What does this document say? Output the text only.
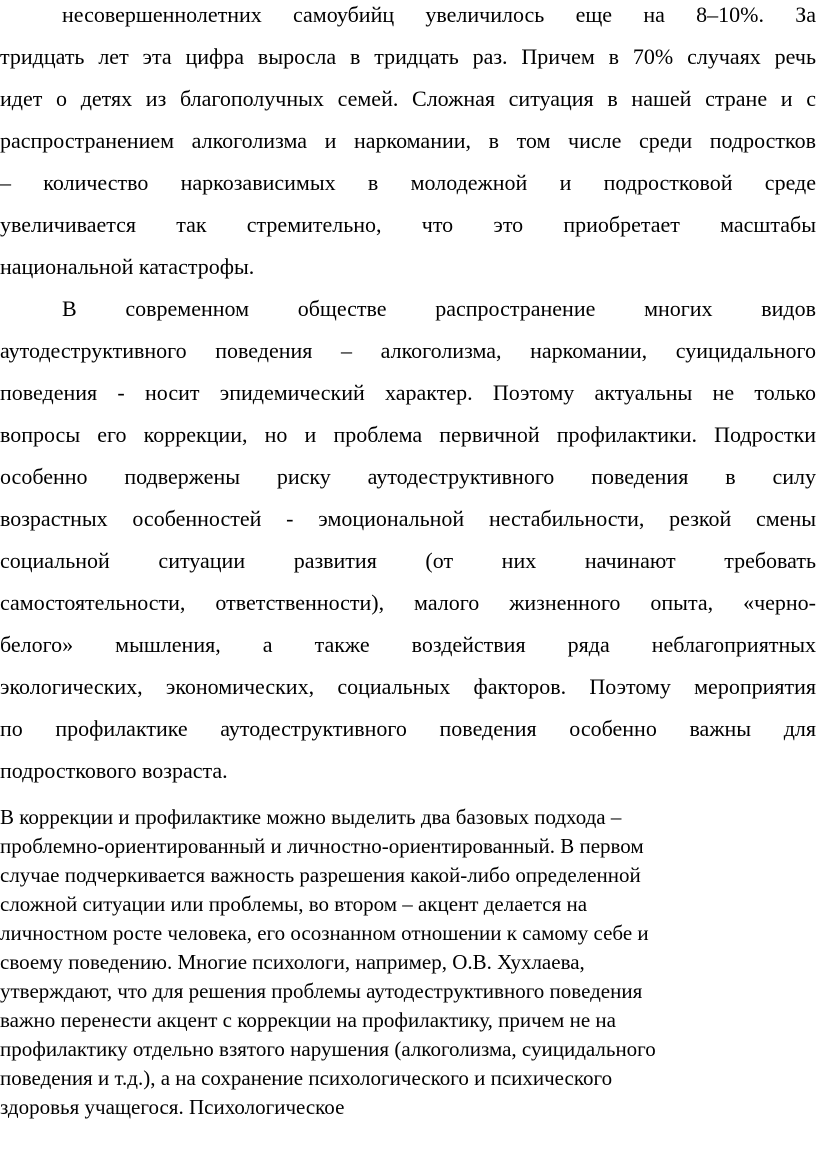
несовершеннолетних самоубийц увеличилось еще на 8–10%. За

тридцать лет эта цифра выросла в тридцать раз. Причем в 70% случаях речь

идет о детях из благополучных семей. Сложная ситуация в нашей стране и с

распространением алкоголизма и наркомании, в том числе среди подростков

– количество наркозависимых в молодежной и подростковой среде

увеличивается так стремительно, что это приобретает масштабы

национальной катастрофы.

В современном обществе распространение многих видов

аутодеструктивного поведения – алкоголизма, наркомании, суицидального

поведения - носит эпидемический характер. Поэтому актуальны не только

вопросы его коррекции, но и проблема первичной профилактики. Подростки

особенно подвержены риску аутодеструктивного поведения в силу

возрастных особенностей - эмоциональной нестабильности, резкой смены

социальной ситуации развития (от них начинают требовать

самостоятельности, ответственности), малого жизненного опыта, «черно-

белого» мышления, а также воздействия ряда неблагоприятных

экологических, экономических, социальных факторов. Поэтому мероприятия

по профилактике аутодеструктивного поведения особенно важны для

подросткового возраста.

В коррекции и профилактике можно выделить два базовых подхода –

проблемно-ориентированный и личностно-ориентированный. В первом

случае подчеркивается важность разрешения какой-либо определенной

сложной ситуации или проблемы, во втором – акцент делается на

личностном росте человека, его осознанном отношении к самому себе и

своему поведению. Многие психологи, например, О.В. Хухлаева,

утверждают, что для решения проблемы аутодеструктивного поведения

важно перенести акцент с коррекции на профилактику, причем не на

профилактику отдельно взятого нарушения (алкоголизма, суицидального

поведения и т.д.), а на сохранение психологического и психического

здоровья учащегося. Психологическое
